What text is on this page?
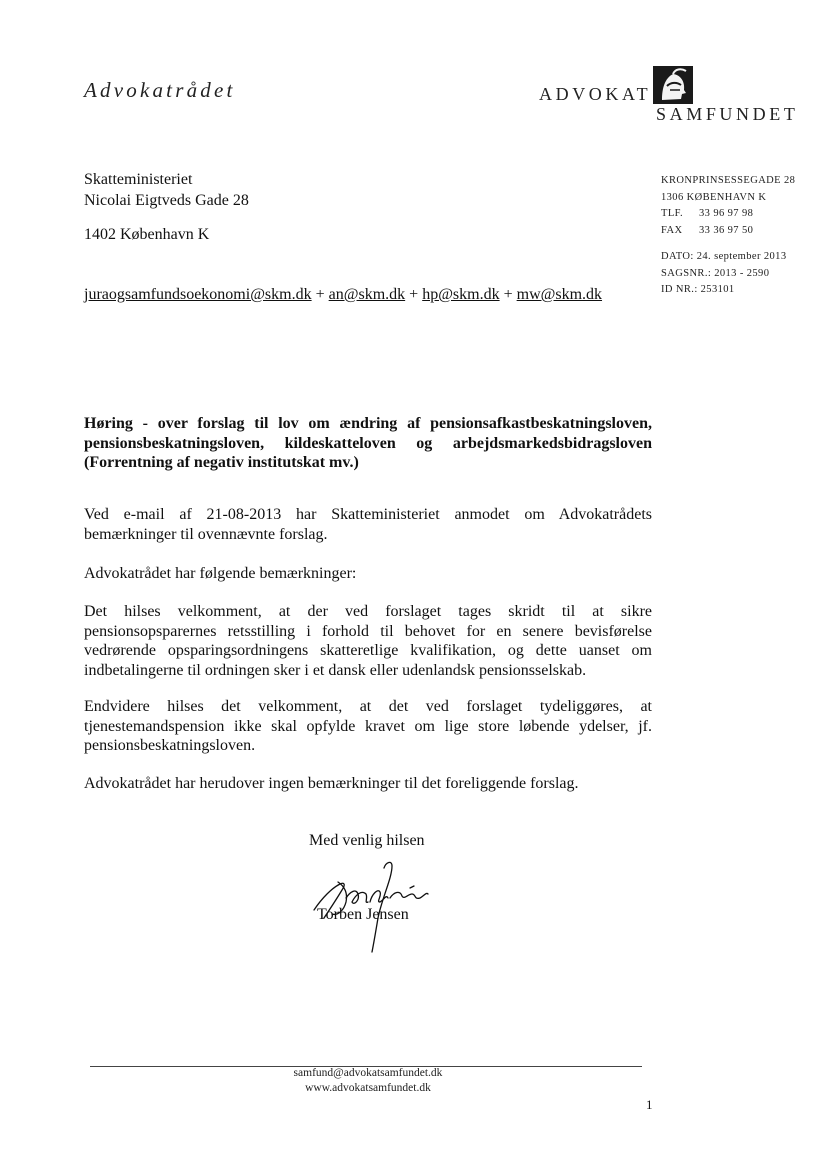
Advokatrådet	ADVOKAT
SAMFUNDET
Skatteministeriet
Nicolai Eigtveds Gade 28
1402 København K
juraogsamfundsoekonomi@skm.dk + an@skm.dk + hp@skm.dk + mw@skm.dk
KRONPRINSESSEGADE 28
1306 KØBENHAVN K
TLF. 33 96 97 98
FAX 33 36 97 50
DATO: 24. september 2013
SAGSNR.: 2013 - 2590
ID NR.: 253101
Høring - over forslag til lov om ændring af pensionsafkastbeskatningsloven,
pensionsbeskatningsloven, kildeskatteloven og arbejdsmarkedsbidragsloven
(Forrentning af negativ institutskat mv.)
Ved e-mail af 21-08-2013 har Skatteministeriet anmodet om Advokatrådets
bemærkninger til ovennævnte forslag.
Advokatrådet har følgende bemærkninger:
Det hilses velkomment, at der ved forslaget tages skridt til at sikre
pensionsopsparernes retsstilling i forhold til behovet for en senere bevisførelse
vedrørende opsparingsordningens skatteretlige kvalifikation, og dette uanset om
indbetalingerne til ordningen sker i et dansk eller udenlandsk pensionsselskab.
Endvidere hilses det velkomment, at det ved forslaget tydeliggøres, at
tjenestemandspension ikke skal opfylde kravet om lige store løbende ydelser, jf.
pensionsbeskatningsloven.
Advokatrådet har herudover ingen bemærkninger til det foreliggende forslag.
Med venlig hilsen
Torben Jensen
samfund@advokatsamfundet.dk
www.advokatsamfundet.dk
1
